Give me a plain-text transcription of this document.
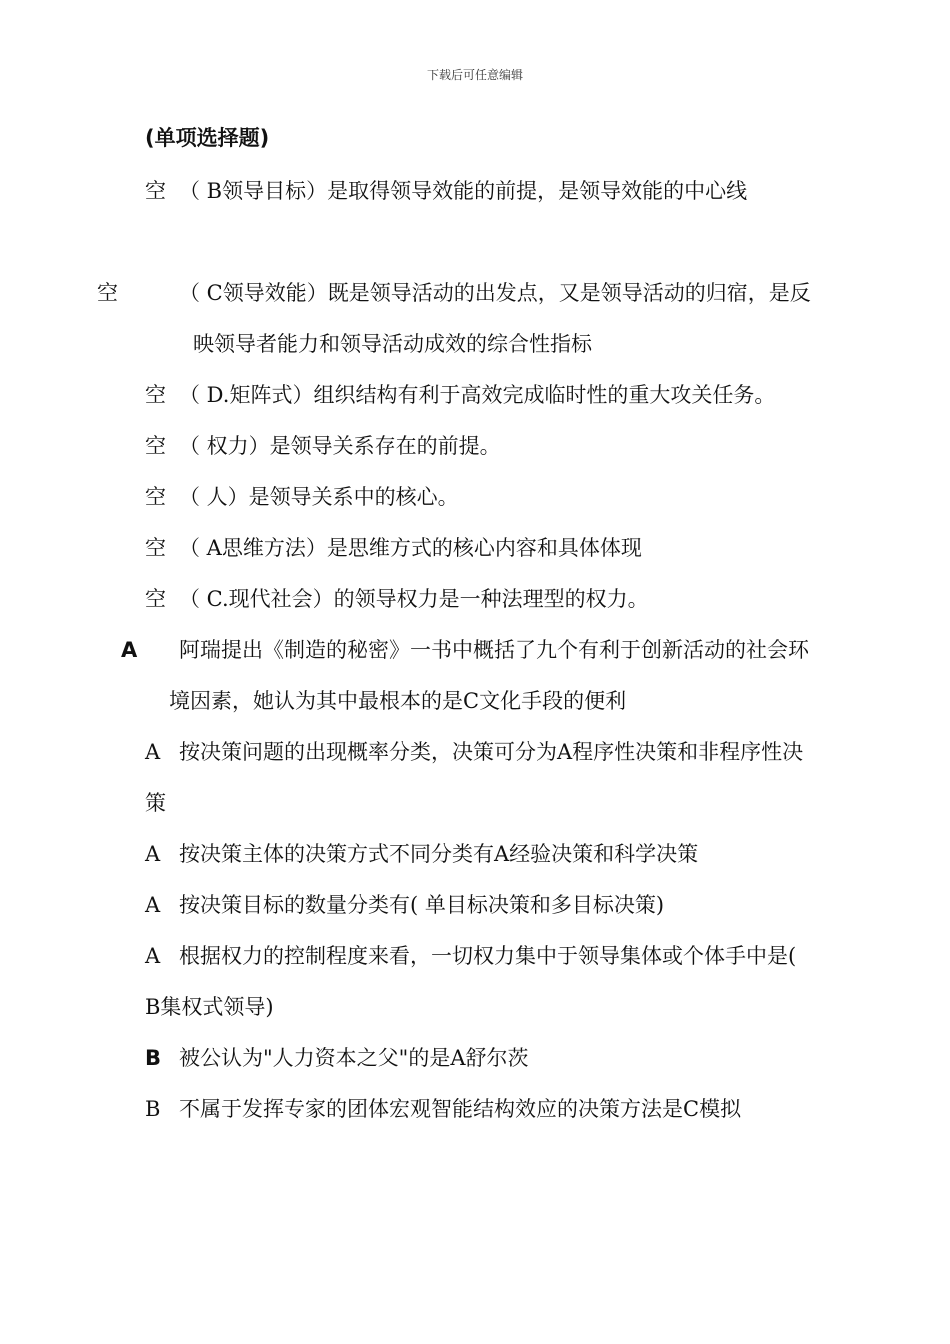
下载后可任意编辑
(单项选择题)

空 （ B领导目标）是取得领导效能的前提，是领导效能的中心线

空	（ C领导效能）既是领导活动的出发点，又是领导活动的归宿，是反映领导者能力和领导活动成效的综合性指标

空 （ D.矩阵式）组织结构有利于高效完成临时性的重大攻关任务。

空 （ 权力）是领导关系存在的前提。

空 （ 人）是领导关系中的核心。

空 （ A思维方法）是思维方式的核心内容和具体体现

空 （ C.现代社会）的领导权力是一种法理型的权力。

A 阿瑞提出《制造的秘密》一书中概括了九个有利于创新活动的社会环境因素，她认为其中最根本的是C文化手段的便利

A 按决策问题的出现概率分类，决策可分为A程序性决策和非程序性决策

A 按决策主体的决策方式不同分类有A经验决策和科学决策

A 按决策目标的数量分类有( 单目标决策和多目标决策)

A 根据权力的控制程度来看，一切权力集中于领导集体或个体手中是( B集权式领导)

B 被公认为"人力资本之父"的是A舒尔茨

B 不属于发挥专家的团体宏观智能结构效应的决策方法是C模拟
